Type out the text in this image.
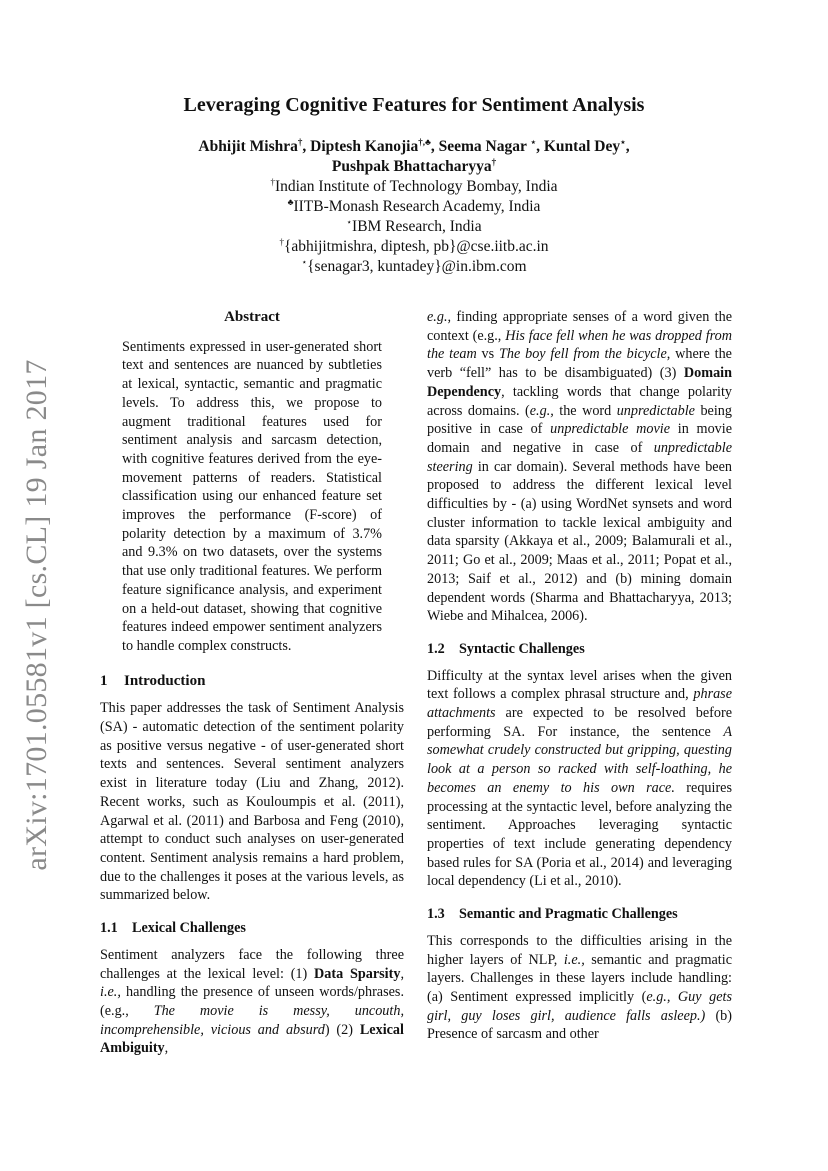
arXiv:1701.05581v1 [cs.CL] 19 Jan 2017
Leveraging Cognitive Features for Sentiment Analysis
Abhijit Mishra†, Diptesh Kanojia†,♣, Seema Nagar ⋆, Kuntal Dey⋆,
Pushpak Bhattacharyya†
†Indian Institute of Technology Bombay, India
♣IITB-Monash Research Academy, India
⋆IBM Research, India
†{abhijitmishra, diptesh, pb}@cse.iitb.ac.in
⋆{senagar3, kuntadey}@in.ibm.com
Abstract

Sentiments expressed in user-generated short text and sentences are nuanced by subtleties at lexical, syntactic, semantic and pragmatic levels. To address this, we propose to augment traditional features used for sentiment analysis and sarcasm detection, with cognitive features derived from the eye-movement patterns of readers. Statistical classification using our enhanced feature set improves the performance (F-score) of polarity detection by a maximum of 3.7% and 9.3% on two datasets, over the systems that use only traditional features. We perform feature significance analysis, and experiment on a held-out dataset, showing that cognitive features indeed empower sentiment analyzers to handle complex constructs.

1 Introduction

This paper addresses the task of Sentiment Analysis (SA) - automatic detection of the sentiment polarity as positive versus negative - of user-generated short texts and sentences. Several sentiment analyzers exist in literature today (Liu and Zhang, 2012). Recent works, such as Kouloumpis et al. (2011), Agarwal et al. (2011) and Barbosa and Feng (2010), attempt to conduct such analyses on user-generated content. Sentiment analysis remains a hard problem, due to the challenges it poses at the various levels, as summarized below.

1.1 Lexical Challenges

Sentiment analyzers face the following three challenges at the lexical level: (1) Data Sparsity, i.e., handling the presence of unseen words/phrases. (e.g., The movie is messy, uncouth, incomprehensible, vicious and absurd) (2) Lexical Ambiguity,

e.g., finding appropriate senses of a word given the context (e.g., His face fell when he was dropped from the team vs The boy fell from the bicycle, where the verb “fell” has to be disambiguated) (3) Domain Dependency, tackling words that change polarity across domains. (e.g., the word unpredictable being positive in case of unpredictable movie in movie domain and negative in case of unpredictable steering in car domain). Several methods have been proposed to address the different lexical level difficulties by - (a) using WordNet synsets and word cluster information to tackle lexical ambiguity and data sparsity (Akkaya et al., 2009; Balamurali et al., 2011; Go et al., 2009; Maas et al., 2011; Popat et al., 2013; Saif et al., 2012) and (b) mining domain dependent words (Sharma and Bhattacharyya, 2013; Wiebe and Mihalcea, 2006).

1.2 Syntactic Challenges

Difficulty at the syntax level arises when the given text follows a complex phrasal structure and, phrase attachments are expected to be resolved before performing SA. For instance, the sentence A somewhat crudely constructed but gripping, questing look at a person so racked with self-loathing, he becomes an enemy to his own race. requires processing at the syntactic level, before analyzing the sentiment. Approaches leveraging syntactic properties of text include generating dependency based rules for SA (Poria et al., 2014) and leveraging local dependency (Li et al., 2010).

1.3 Semantic and Pragmatic Challenges

This corresponds to the difficulties arising in the higher layers of NLP, i.e., semantic and pragmatic layers. Challenges in these layers include handling: (a) Sentiment expressed implicitly (e.g., Guy gets girl, guy loses girl, audience falls asleep.) (b) Presence of sarcasm and other
